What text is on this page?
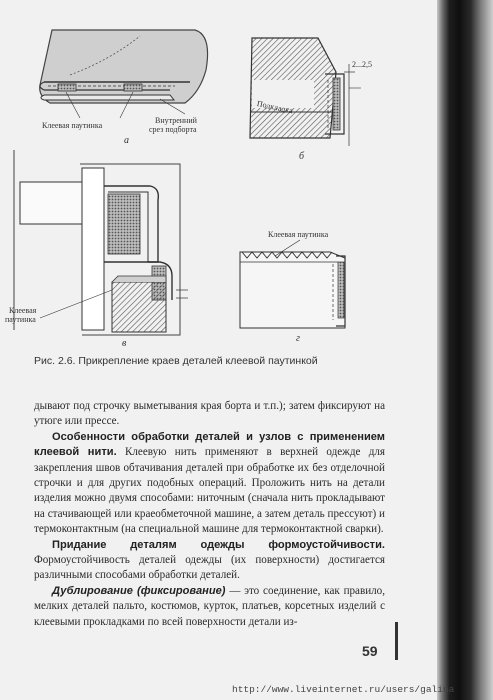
Клеевая паутинка
Внутренний
срез подборта
а
Подкладка
2...2,5
б
Клеевая
паутинка
в
Клеевая паутинка
г
Рис. 2.6. Прикрепление краев деталей клеевой паутинкой

дывают под строчку выметывания края борта и т.п.); затем фиксируют на утюге или прессе.

Особенности обработки деталей и узлов с применением клеевой нити. Клеевую нить применяют в верхней одежде для закрепления швов обтачивания деталей при обработке их без отделочной строчки и для других подобных операций. Проложить нить на детали изделия можно двумя способами: ниточным (сначала нить прокладывают на стачивающей или краеобметочной машине, а затем деталь прессуют) и термоконтактным (на специальной машине для термоконтактной сварки).

Придание деталям одежды формоустойчивости. Формоустойчивость деталей одежды (их поверхности) достигается различными способами обработки деталей.

Дублирование (фиксирование) — это соединение, как правило, мелких деталей пальто, костюмов, курток, платьев, корсетных изделий с клеевыми прокладками по всей поверхности детали из-

59
http://www.liveinternet.ru/users/galina
